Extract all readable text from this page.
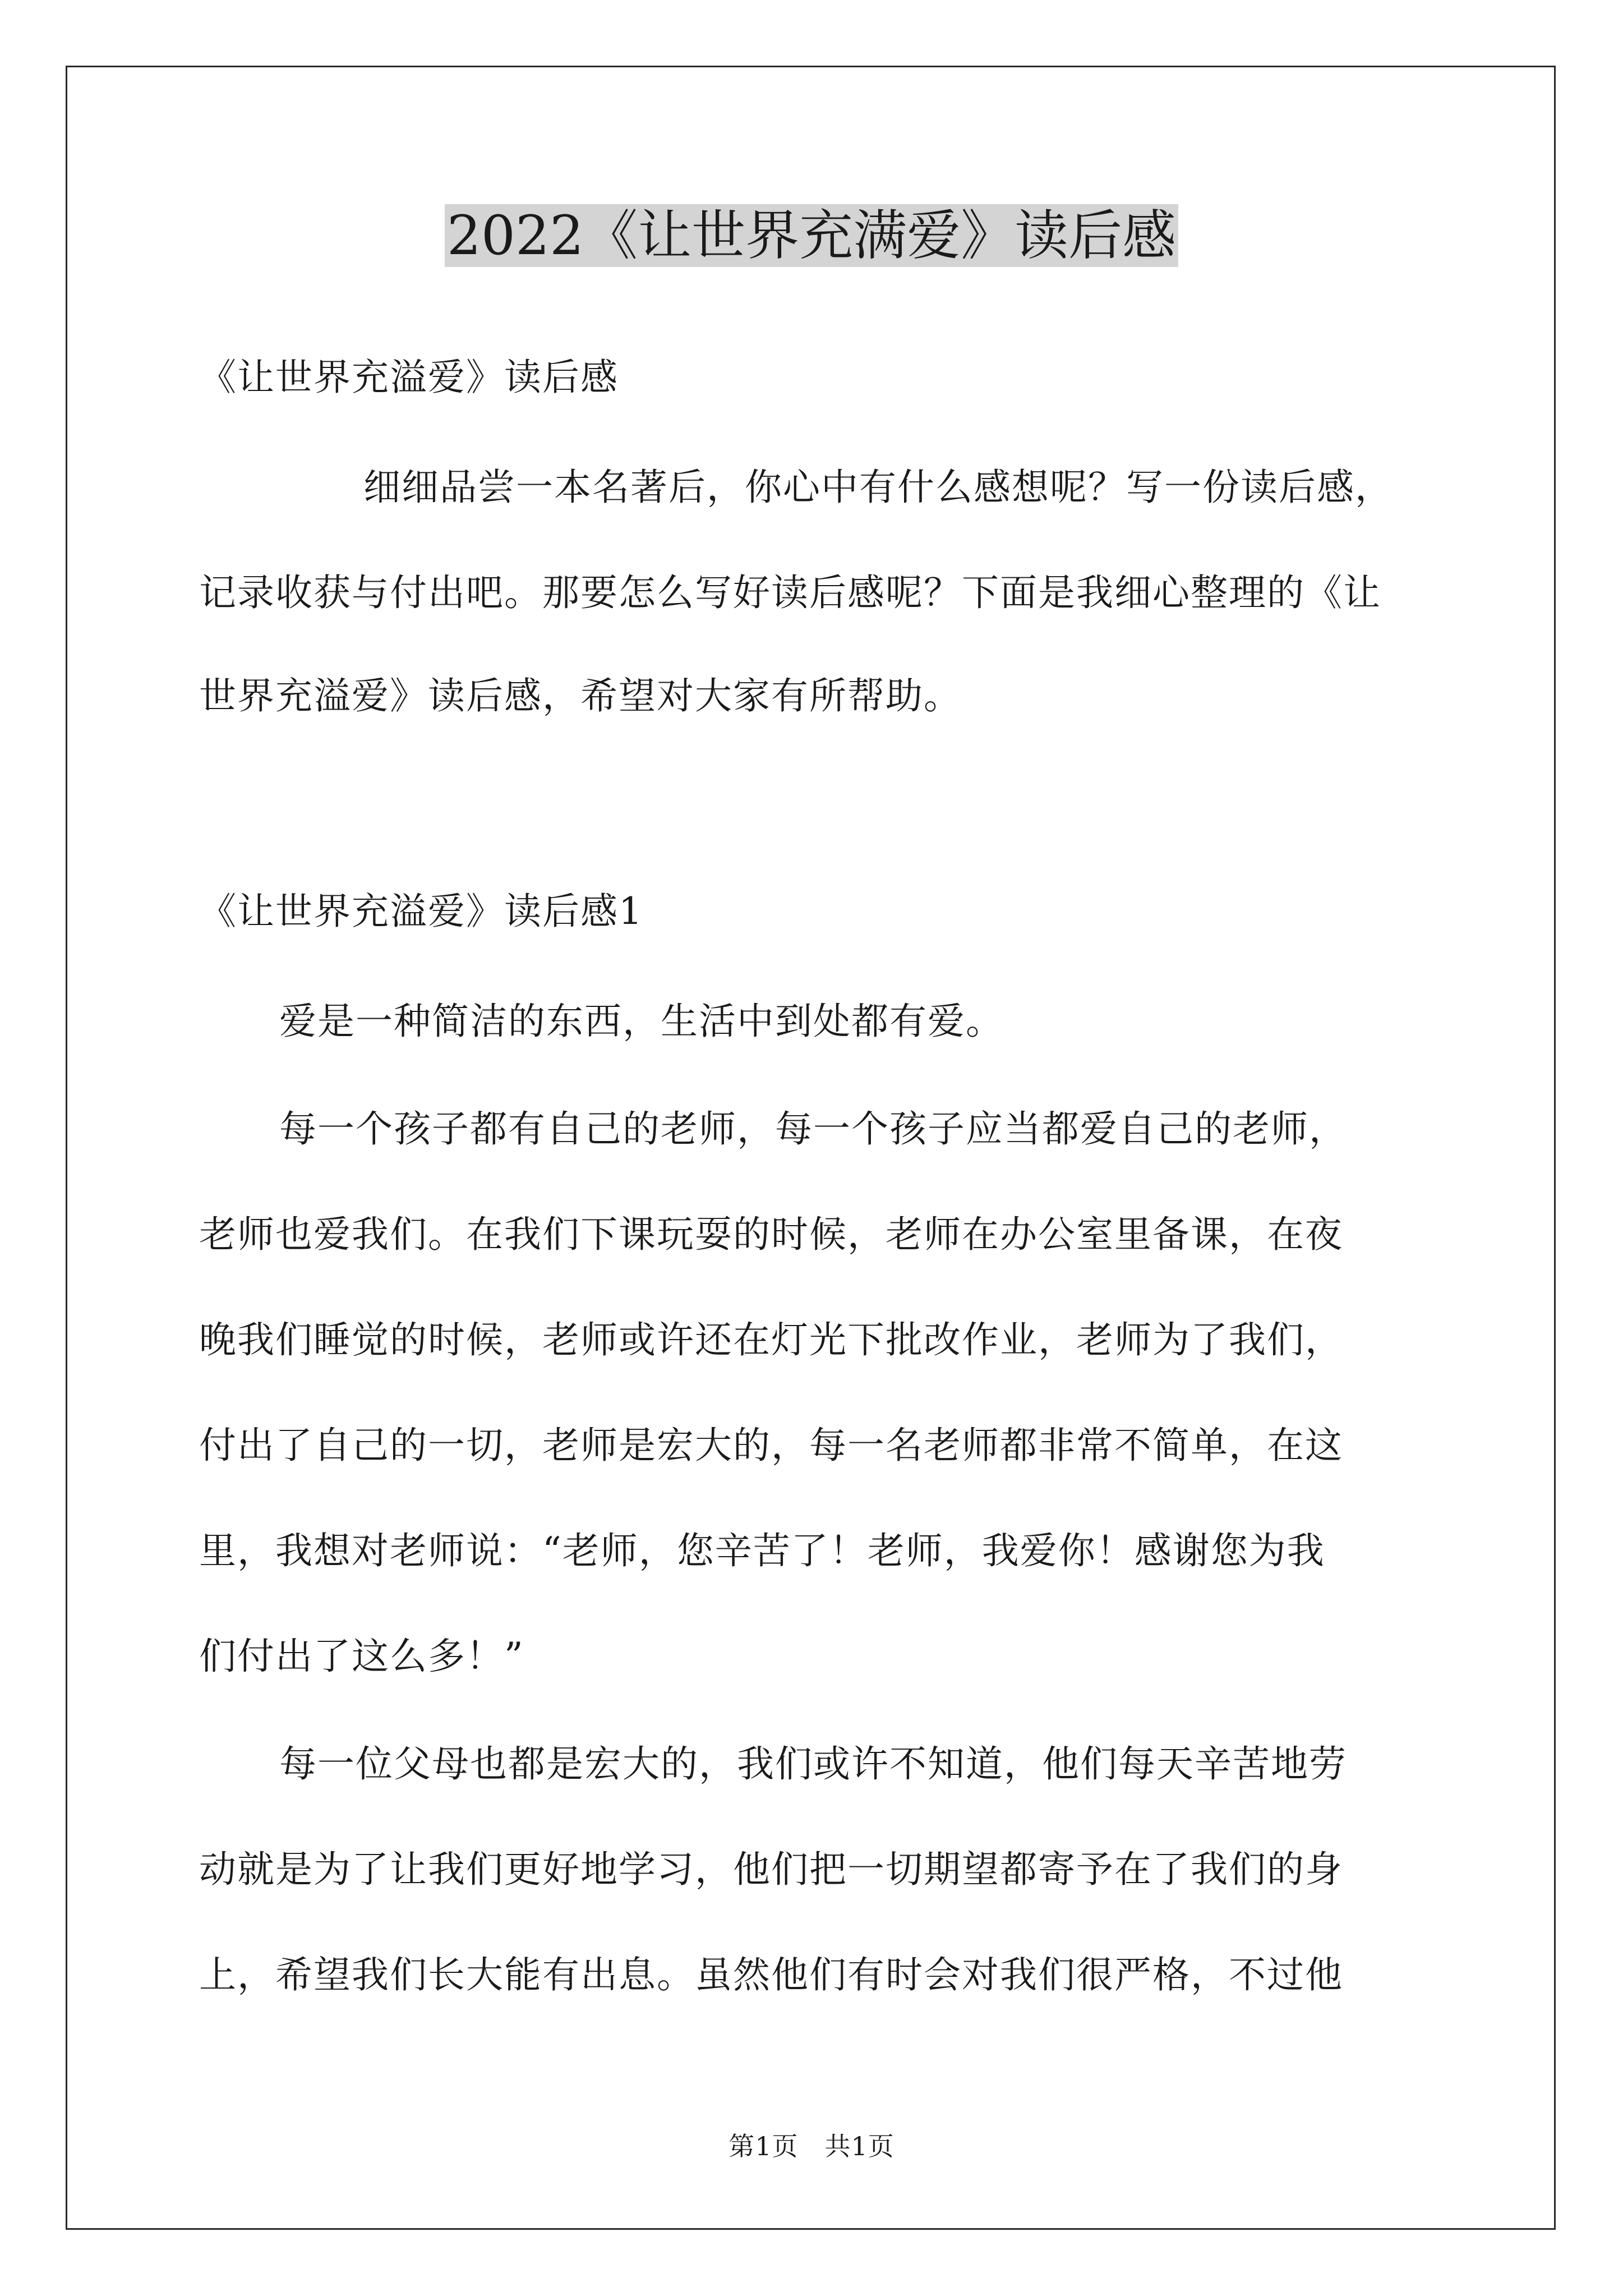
2022《让世界充满爱》读后感
《让世界充溢爱》读后感
细细品尝一本名著后，你心中有什么感想呢？写一份读后感，
记录收获与付出吧。那要怎么写好读后感呢？下面是我细心整理的《让
世界充溢爱》读后感，希望对大家有所帮助。
《让世界充溢爱》读后感1
爱是一种简洁的东西，生活中到处都有爱。
每一个孩子都有自己的老师，每一个孩子应当都爱自己的老师，
老师也爱我们。在我们下课玩耍的时候，老师在办公室里备课，在夜
晚我们睡觉的时候，老师或许还在灯光下批改作业，老师为了我们，
付出了自己的一切，老师是宏大的，每一名老师都非常不简单，在这
里，我想对老师说：“老师，您辛苦了！老师，我爱你！感谢您为我
们付出了这么多！”
每一位父母也都是宏大的，我们或许不知道，他们每天辛苦地劳
动就是为了让我们更好地学习，他们把一切期望都寄予在了我们的身
上，希望我们长大能有出息。虽然他们有时会对我们很严格，不过他
第1页　共1页
